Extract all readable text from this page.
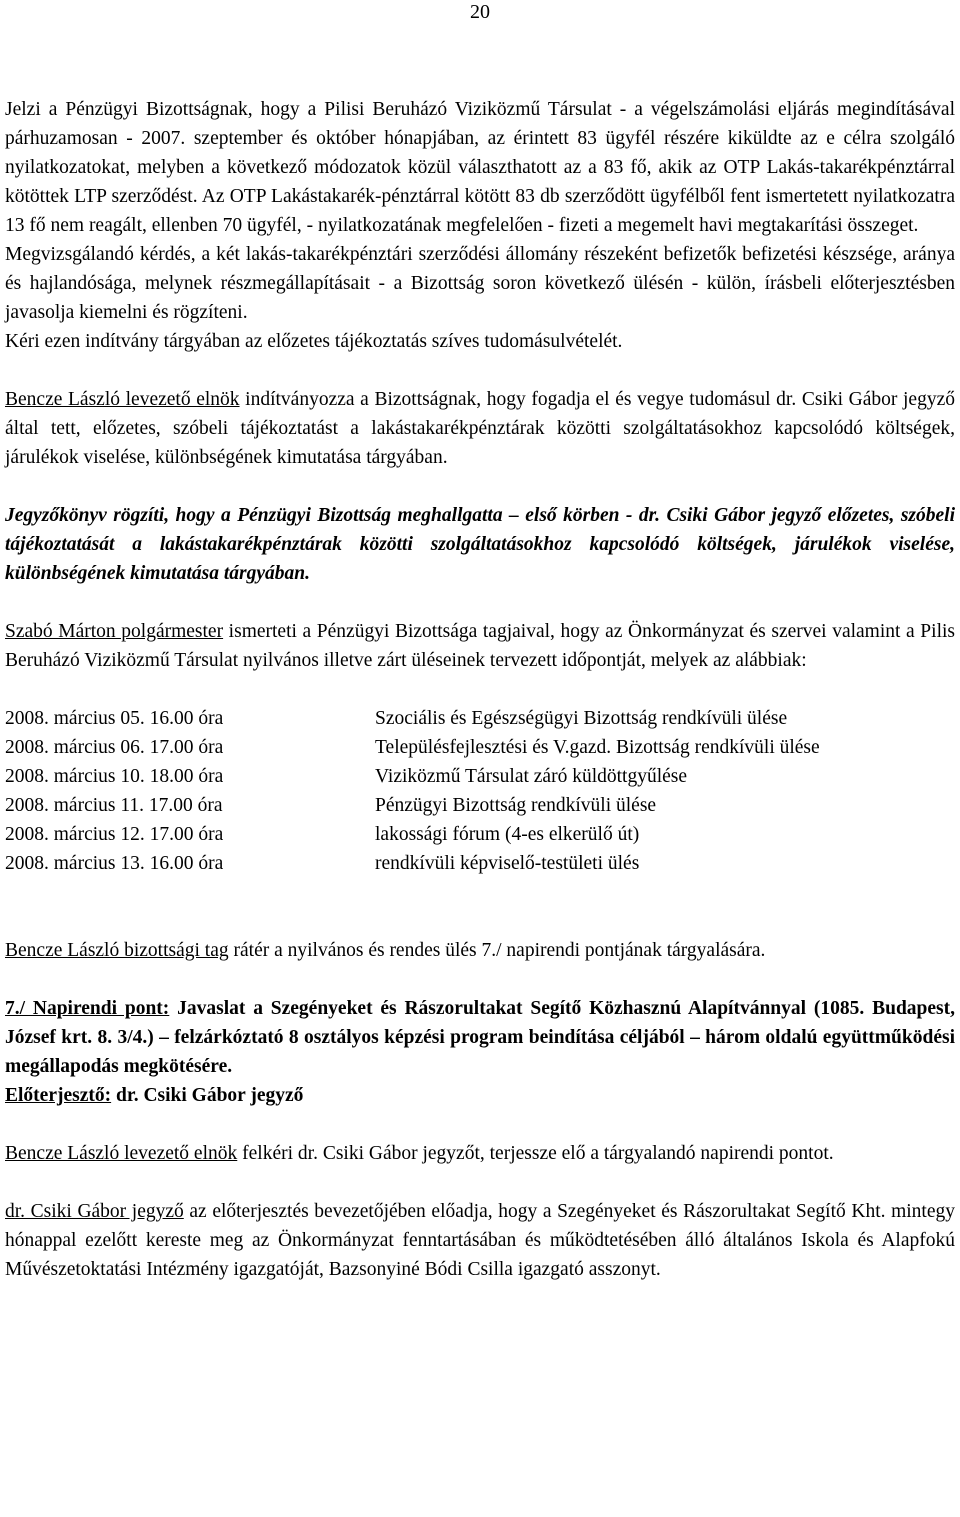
20

Jelzi a Pénzügyi Bizottságnak, hogy a Pilisi Beruházó Viziközmű Társulat - a végelszámolási eljárás megindításával párhuzamosan - 2007. szeptember és október hónapjában, az érintett 83 ügyfél részére kiküldte az e célra szolgáló nyilatkozatokat, melyben a következő módozatok közül választhatott az a 83 fő, akik az OTP Lakás-takarékpénztárral kötöttek LTP szerződést. Az OTP Lakástakarék-pénztárral kötött 83 db szerződött ügyfélből fent ismertetett nyilatkozatra 13 fő nem reagált, ellenben 70 ügyfél, - nyilatkozatának megfelelően - fizeti a megemelt havi megtakarítási összeget.

Megvizsgálandó kérdés, a két lakás-takarékpénztári szerződési állomány részeként befizetők befizetési készsége, aránya és hajlandósága, melynek részmegállapításait - a Bizottság soron következő ülésén - külön, írásbeli előterjesztésben javasolja kiemelni és rögzíteni.

Kéri ezen indítvány tárgyában az előzetes tájékoztatás szíves tudomásulvételét.

Bencze László levezető elnök indítványozza a Bizottságnak, hogy fogadja el és vegye tudomásul dr. Csiki Gábor jegyző által tett, előzetes, szóbeli tájékoztatást a lakástakarékpénztárak közötti szolgáltatásokhoz kapcsolódó költségek, járulékok viselése, különbségének kimutatása tárgyában.

Jegyzőkönyv rögzíti, hogy a Pénzügyi Bizottság meghallgatta – első körben - dr. Csiki Gábor jegyző előzetes, szóbeli tájékoztatását a lakástakarékpénztárak közötti szolgáltatásokhoz kapcsolódó költségek, járulékok viselése, különbségének kimutatása tárgyában.

Szabó Márton polgármester ismerteti a Pénzügyi Bizottsága tagjaival, hogy az Önkormányzat és szervei valamint a Pilis Beruházó Viziközmű Társulat nyilvános illetve zárt üléseinek tervezett időpontját, melyek az alábbiak:

2008. március 05. 16.00 óra	Szociális és Egészségügyi Bizottság rendkívüli ülése
2008. március 06. 17.00 óra	Településfejlesztési és V.gazd. Bizottság rendkívüli ülése
2008. március 10. 18.00 óra	Viziközmű Társulat záró küldöttgyűlése
2008. március 11. 17.00 óra	Pénzügyi Bizottság rendkívüli ülése
2008. március 12. 17.00 óra	lakossági fórum (4-es elkerülő út)
2008. március 13. 16.00 óra	rendkívüli képviselő-testületi ülés

Bencze László bizottsági tag rátér a nyilvános és rendes ülés 7./ napirendi pontjának tárgyalására.

7./ Napirendi pont: Javaslat a Szegényeket és Rászorultakat Segítő Közhasznú Alapítvánnyal (1085. Budapest, József krt. 8. 3/4.) – felzárkóztató 8 osztályos képzési program beindítása céljából – három oldalú együttműködési megállapodás megkötésére.
Előterjesztő: dr. Csiki Gábor jegyző

Bencze László levezető elnök felkéri dr. Csiki Gábor jegyzőt, terjessze elő a tárgyalandó napirendi pontot.

dr. Csiki Gábor jegyző az előterjesztés bevezetőjében előadja, hogy a Szegényeket és Rászorultakat Segítő Kht. mintegy hónappal ezelőtt kereste meg az Önkormányzat fenntartásában és működtetésében álló általános Iskola és Alapfokú Művészetoktatási Intézmény igazgatóját, Bazsonyiné Bódi Csilla igazgató asszonyt.
